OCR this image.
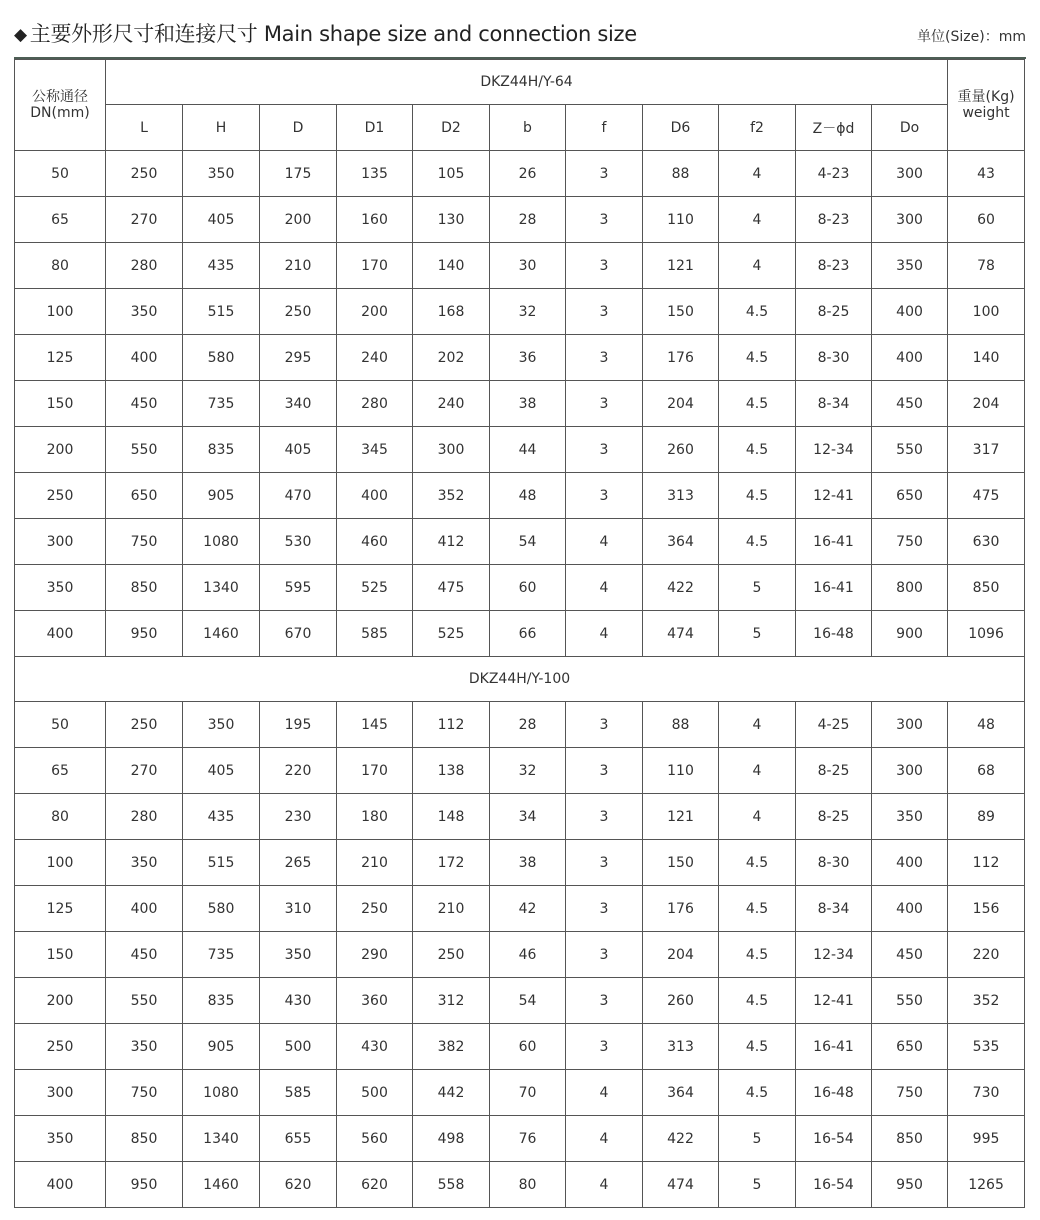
◆ 主要外形尺寸和连接尺寸 Main shape size and connection size	单位(Size)：mm
公称通径
DN(mm)	DKZ44H/Y-64											重量(Kg)
weight

	L	H	D	D1	D2	b	f	D6	f2	Z－ϕd	Do	
50	250	350	175	135	105	26	3	88	4	4-23	300	43
65	270	405	200	160	130	28	3	110	4	8-23	300	60
80	280	435	210	170	140	30	3	121	4	8-23	350	78
100	350	515	250	200	168	32	3	150	4.5	8-25	400	100
125	400	580	295	240	202	36	3	176	4.5	8-30	400	140
150	450	735	340	280	240	38	3	204	4.5	8-34	450	204
200	550	835	405	345	300	44	3	260	4.5	12-34	550	317
250	650	905	470	400	352	48	3	313	4.5	12-41	650	475
300	750	1080	530	460	412	54	4	364	4.5	16-41	750	630
350	850	1340	595	525	475	60	4	422	5	16-41	800	850
400	950	1460	670	585	525	66	4	474	5	16-48	900	1096
DKZ44H/Y-100												
50	250	350	195	145	112	28	3	88	4	4-25	300	48
65	270	405	220	170	138	32	3	110	4	8-25	300	68
80	280	435	230	180	148	34	3	121	4	8-25	350	89
100	350	515	265	210	172	38	3	150	4.5	8-30	400	112
125	400	580	310	250	210	42	3	176	4.5	8-34	400	156
150	450	735	350	290	250	46	3	204	4.5	12-34	450	220
200	550	835	430	360	312	54	3	260	4.5	12-41	550	352
250	350	905	500	430	382	60	3	313	4.5	16-41	650	535
300	750	1080	585	500	442	70	4	364	4.5	16-48	750	730
350	850	1340	655	560	498	76	4	422	5	16-54	850	995
400	950	1460	620	620	558	80	4	474	5	16-54	950	1265
